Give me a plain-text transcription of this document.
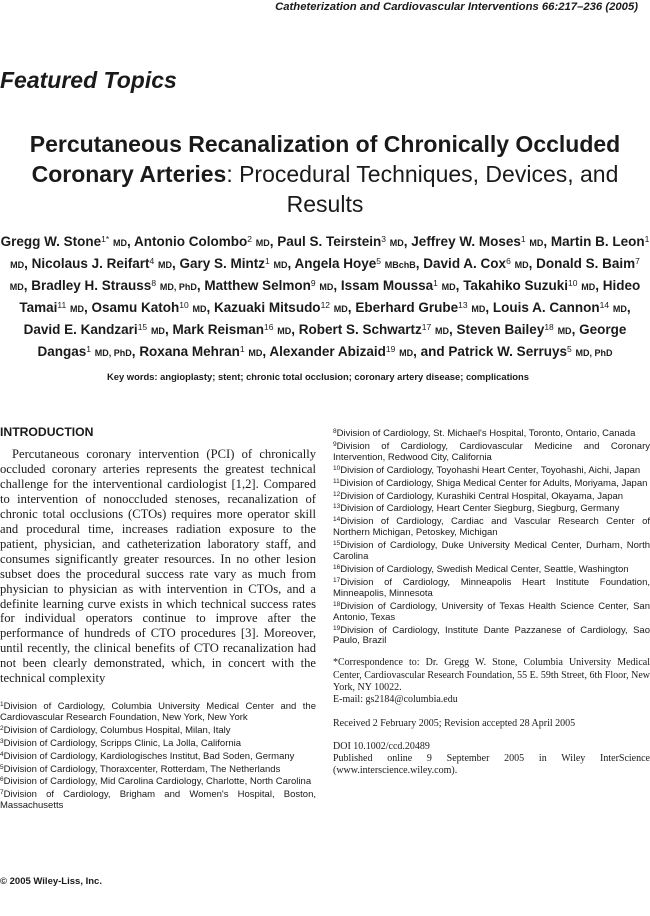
Catheterization and Cardiovascular Interventions 66:217–236 (2005)
Featured Topics
Percutaneous Recanalization of Chronically Occluded Coronary Arteries: Procedural Techniques, Devices, and Results
Gregg W. Stone$^{1*}$ MD, Antonio Colombo$^2$ MD, Paul S. Teirstein$^3$ MD, Jeffrey W. Moses$^1$ MD, Martin B. Leon$^1$ MD, Nicolaus J. Reifart$^4$ MD, Gary S. Mintz$^1$ MD, Angela Hoye$^5$ MBchB, David A. Cox$^6$ MD, Donald S. Baim$^7$ MD, Bradley H. Strauss$^8$ MD, PhD, Matthew Selmon$^9$ MD, Issam Moussa$^1$ MD, Takahiko Suzuki$^{10}$ MD, Hideo Tamai$^{11}$ MD, Osamu Katoh$^{10}$ MD, Kazuaki Mitsudo$^{12}$ MD, Eberhard Grube$^{13}$ MD, Louis A. Cannon$^{14}$ MD, David E. Kandzari$^{15}$ MD, Mark Reisman$^{16}$ MD, Robert S. Schwartz$^{17}$ MD, Steven Bailey$^{18}$ MD, George Dangas$^1$ MD, PhD, Roxana Mehran$^1$ MD, Alexander Abizaid$^{19}$ MD, and Patrick W. Serruys$^5$ MD, PhD
Key words: angioplasty; stent; chronic total occlusion; coronary artery disease; complications
INTRODUCTION

Percutaneous coronary intervention (PCI) of chronically occluded coronary arteries represents the greatest technical challenge for the interventional cardiologist [1,2]. Compared to intervention of nonoccluded stenoses, recanalization of chronic total occlusions (CTOs) requires more operator skill and procedural time, increases radiation exposure to the patient, physician, and catheterization laboratory staff, and consumes significantly greater resources. In no other lesion subset does the procedural success rate vary as much from physician to physician as with intervention in CTOs, and a definite learning curve exists in which technical success rates for individual operators continue to improve after the performance of hundreds of CTO procedures [3]. Moreover, until recently, the clinical benefits of CTO recanalization had not been clearly demonstrated, which, in concert with the technical complexity

$^1$Division of Cardiology, Columbia University Medical Center and the Cardiovascular Research Foundation, New York, New York
$^2$Division of Cardiology, Columbus Hospital, Milan, Italy
$^3$Division of Cardiology, Scripps Clinic, La Jolla, California
$^4$Division of Cardiology, Kardiologisches Institut, Bad Soden, Germany
$^5$Division of Cardiology, Thoraxcenter, Rotterdam, The Netherlands
$^6$Division of Cardiology, Mid Carolina Cardiology, Charlotte, North Carolina
$^7$Division of Cardiology, Brigham and Women's Hospital, Boston, Massachusetts
$^8$Division of Cardiology, St. Michael's Hospital, Toronto, Ontario, Canada
$^9$Division of Cardiology, Cardiovascular Medicine and Coronary Intervention, Redwood City, California
$^{10}$Division of Cardiology, Toyohashi Heart Center, Toyohashi, Aichi, Japan
$^{11}$Division of Cardiology, Shiga Medical Center for Adults, Moriyama, Japan
$^{12}$Division of Cardiology, Kurashiki Central Hospital, Okayama, Japan
$^{13}$Division of Cardiology, Heart Center Siegburg, Siegburg, Germany
$^{14}$Division of Cardiology, Cardiac and Vascular Research Center of Northern Michigan, Petoskey, Michigan
$^{15}$Division of Cardiology, Duke University Medical Center, Durham, North Carolina
$^{16}$Division of Cardiology, Swedish Medical Center, Seattle, Washington
$^{17}$Division of Cardiology, Minneapolis Heart Institute Foundation, Minneapolis, Minnesota
$^{18}$Division of Cardiology, University of Texas Health Science Center, San Antonio, Texas
$^{19}$Division of Cardiology, Institute Dante Pazzanese of Cardiology, Sao Paulo, Brazil
*Correspondence to: Dr. Gregg W. Stone, Columbia University Medical Center, Cardiovascular Research Foundation, 55 E. 59th Street, 6th Floor, New York, NY 10022.
E-mail: gs2184@columbia.edu
Received 2 February 2005; Revision accepted 28 April 2005
DOI 10.1002/ccd.20489
Published online 9 September 2005 in Wiley InterScience (www.interscience.wiley.com).
© 2005 Wiley-Liss, Inc.
